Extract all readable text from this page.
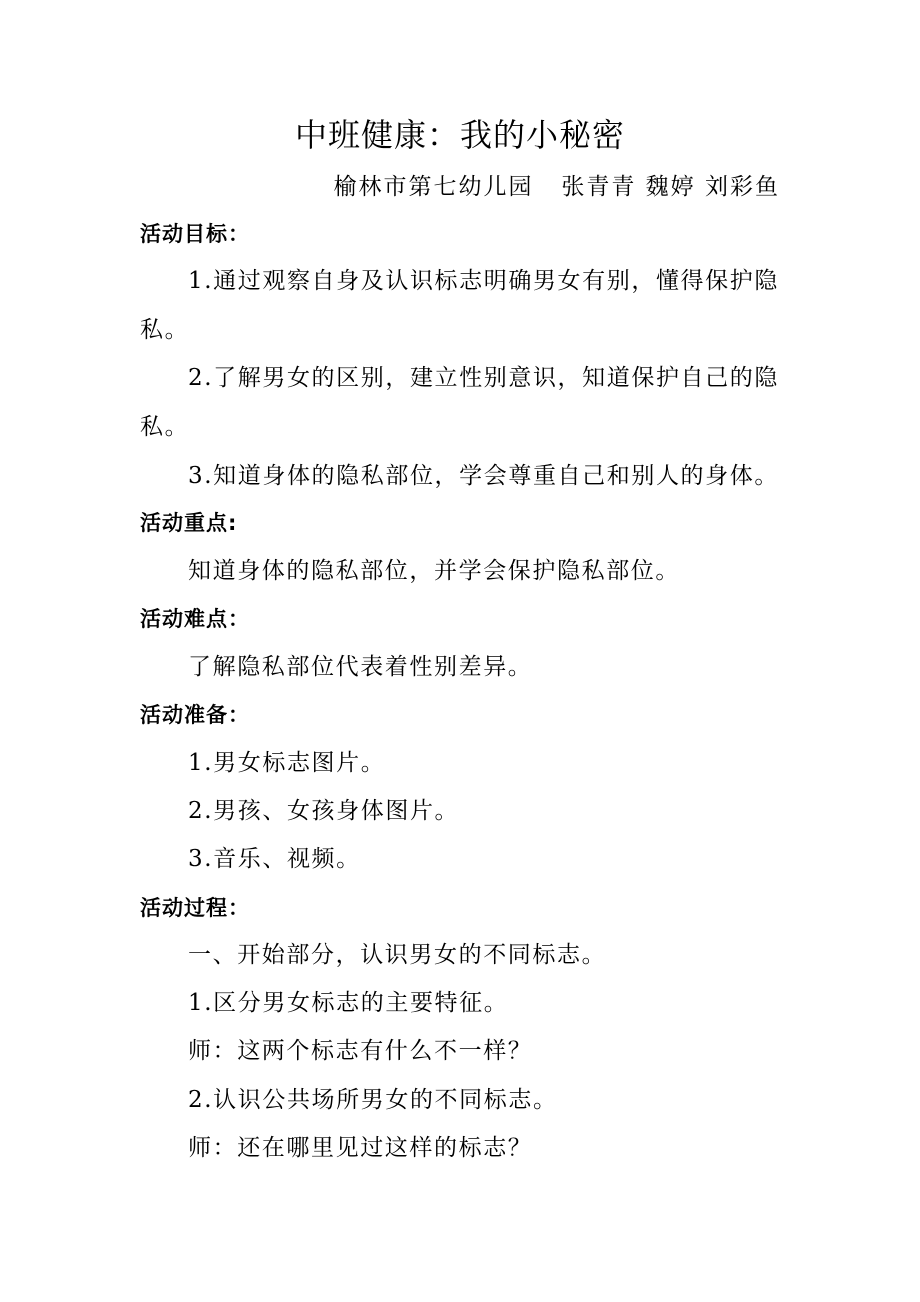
中班健康：我的小秘密
榆林市第七幼儿园   张青青 魏婷 刘彩鱼
活动目标：
1.通过观察自身及认识标志明确男女有别，懂得保护隐
私。
2.了解男女的区别，建立性别意识，知道保护自己的隐
私。
3.知道身体的隐私部位，学会尊重自己和别人的身体。
活动重点:
知道身体的隐私部位，并学会保护隐私部位。
活动难点：
了解隐私部位代表着性别差异。
活动准备：
1.男女标志图片。
2.男孩、女孩身体图片。
3.音乐、视频。
活动过程：
一、开始部分，认识男女的不同标志。
1.区分男女标志的主要特征。
师：这两个标志有什么不一样？
2.认识公共场所男女的不同标志。
师：还在哪里见过这样的标志？
